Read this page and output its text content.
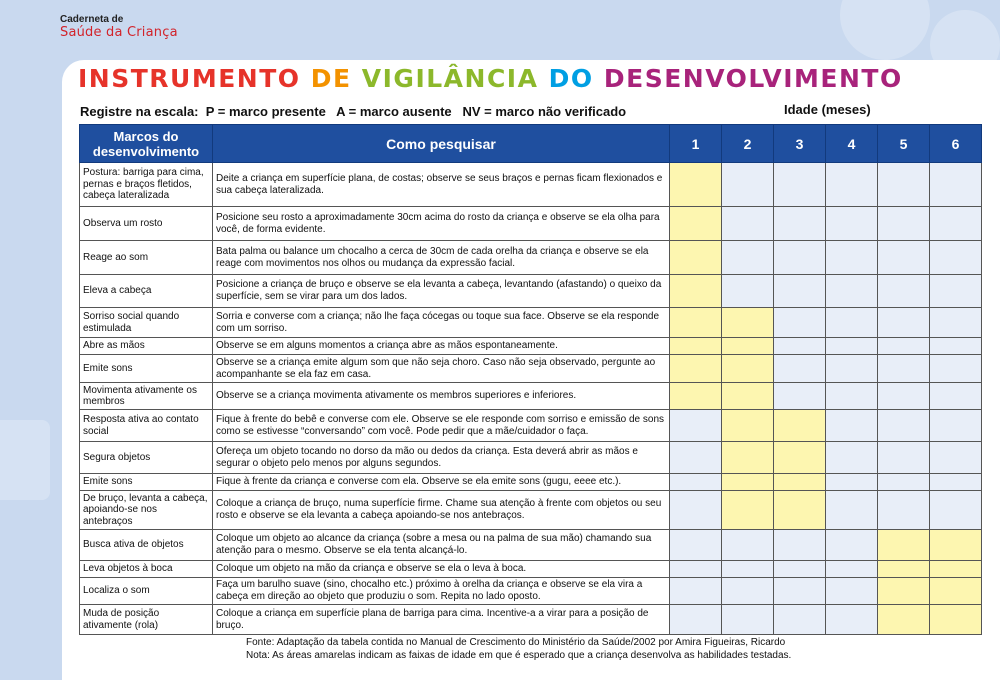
Caderneta de
Saúde da Criança
INSTRUMENTO DE VIGILÂNCIA DO DESENVOLVIMENTO
Registre na escala:  P = marco presente   A = marco ausente   NV = marco não verificado	Idade (meses)
Marcos do desenvolvimento	Como pesquisar	1	2	3	4	5	6
Postura: barriga para cima, pernas e braços fletidos, cabeça lateralizada	Deite a criança em superfície plana, de costas; observe se seus braços e pernas ficam flexionados e sua cabeça lateralizada.						
Observa um rosto	Posicione seu rosto a aproximadamente 30cm acima do rosto da criança e observe se ela olha para você, de forma evidente.						
Reage ao som	Bata palma ou balance um chocalho a cerca de 30cm de cada orelha da criança e observe se ela reage com movimentos nos olhos ou mudança da expressão facial.						
Eleva a cabeça	Posicione a criança de bruço e observe se ela levanta a cabeça, levantando (afastando) o queixo da superfície, sem se virar para um dos lados.						
Sorriso social quando estimulada	Sorria e converse com a criança; não lhe faça cócegas ou toque sua face. Observe se ela responde com um sorriso.						
Abre as mãos	Observe se em alguns momentos a criança abre as mãos espontaneamente.						
Emite sons	Observe se a criança emite algum som que não seja choro. Caso não seja observado, pergunte ao acompanhante se ela faz em casa.						
Movimenta ativamente os membros	Observe se a criança movimenta ativamente os membros superiores e inferiores.						
Resposta ativa ao contato social	Fique à frente do bebê e converse com ele. Observe se ele responde com sorriso e emissão de sons como se estivesse “conversando” com você. Pode pedir que a mãe/cuidador o faça.						
Segura objetos	Ofereça um objeto tocando no dorso da mão ou dedos da criança. Esta deverá abrir as mãos e segurar o objeto pelo menos por alguns segundos.						
Emite sons	Fique à frente da criança e converse com ela. Observe se ela emite sons (gugu, eeee etc.).						
De bruço, levanta a cabeça, apoiando-se nos antebraços	Coloque a criança de bruço, numa superfície firme. Chame sua atenção à frente com objetos ou seu rosto e observe se ela levanta a cabeça apoiando-se nos antebraços.						
Busca ativa de objetos	Coloque um objeto ao alcance da criança (sobre a mesa ou na palma de sua mão) chamando sua atenção para o mesmo. Observe se ela tenta alcançá-lo.						
Leva objetos à boca	Coloque um objeto na mão da criança e observe se ela o leva à boca.						
Localiza o som	Faça um barulho suave (sino, chocalho etc.) próximo à orelha da criança e observe se ela vira a cabeça em direção ao objeto que produziu o som. Repita no lado oposto.						
Muda de posição ativamente (rola)	Coloque a criança em superfície plana de barriga para cima. Incentive-a a virar para a posição de bruço.						
Fonte: Adaptação da tabela contida no Manual de Crescimento do Ministério da Saúde/2002 por Amira Figueiras, Ricardo
Nota: As áreas amarelas indicam as faixas de idade em que é esperado que a criança desenvolva as habilidades testadas.
